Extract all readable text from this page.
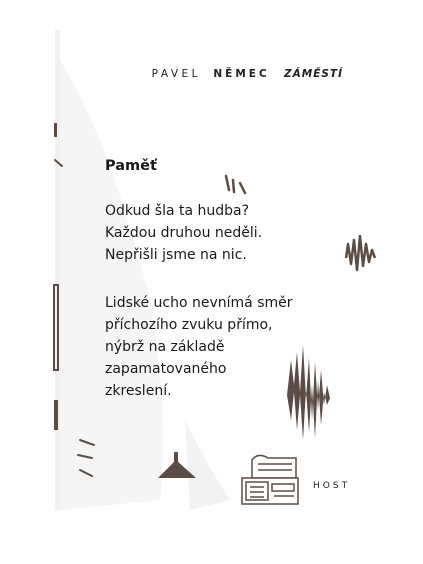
PAVEL NĚMEC ZÁMĚSTÍ
Paměť
Odkud šla ta hudba?
Každou druhou neděli.
Nepřišli jsme na nic.
Lidské ucho nevnímá směr
příchozího zvuku přímo,
nýbrž na základě
zapamatovaného
zkreslení.
HOST
